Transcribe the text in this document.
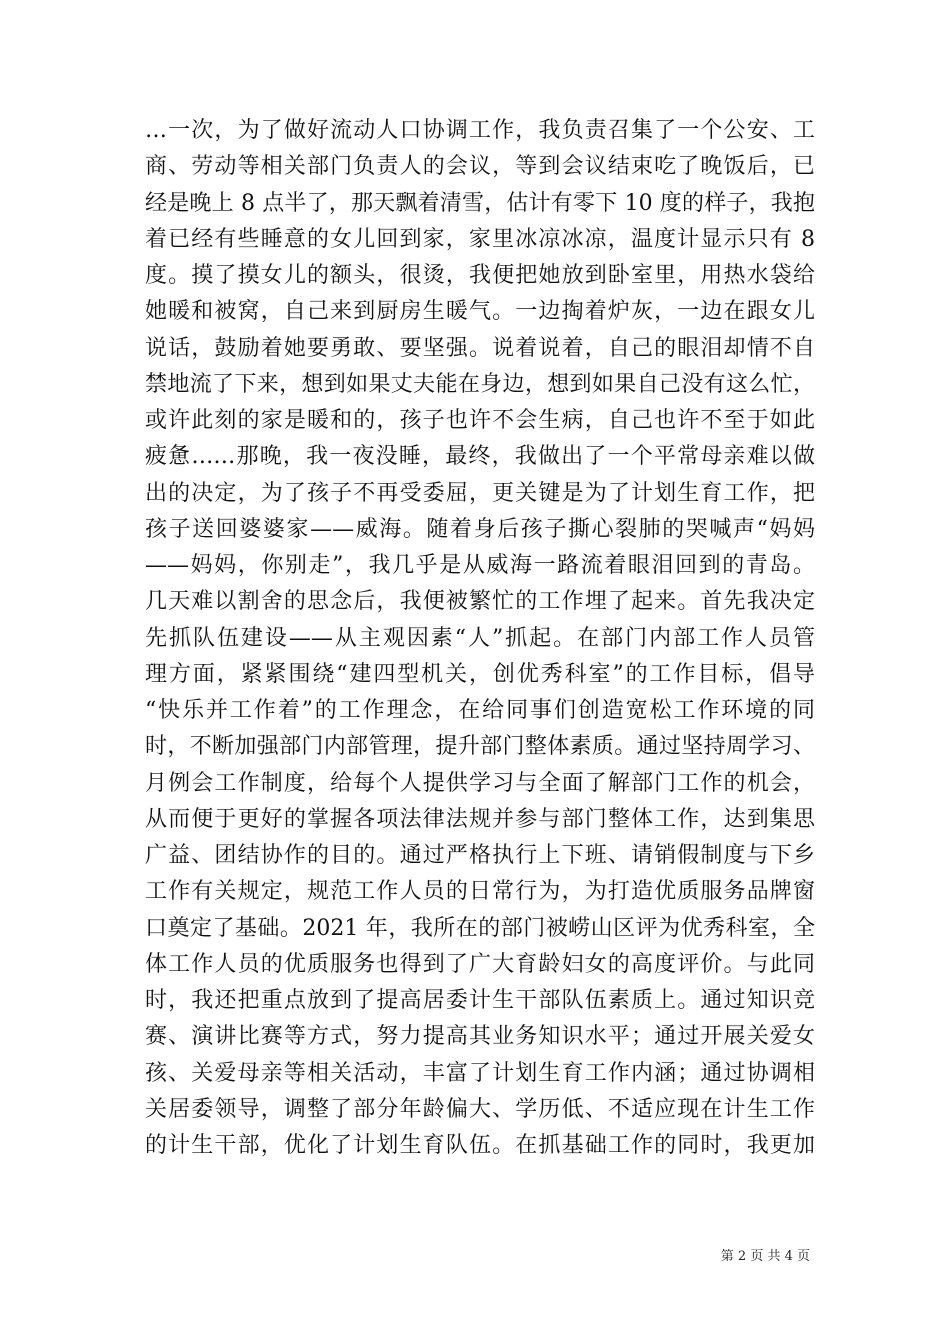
…一次，为了做好流动人口协调工作，我负责召集了一个公安、工
商、劳动等相关部门负责人的会议，等到会议结束吃了晚饭后，已
经是晚上 8 点半了，那天飘着清雪，估计有零下 10 度的样子，我抱
着已经有些睡意的女儿回到家，家里冰凉冰凉，温度计显示只有 8
度。摸了摸女儿的额头，很烫，我便把她放到卧室里，用热水袋给
她暖和被窝，自己来到厨房生暖气。一边掏着炉灰，一边在跟女儿
说话，鼓励着她要勇敢、要坚强。说着说着，自己的眼泪却情不自
禁地流了下来，想到如果丈夫能在身边，想到如果自己没有这么忙，
或许此刻的家是暖和的，孩子也许不会生病，自己也许不至于如此
疲惫……那晚，我一夜没睡，最终，我做出了一个平常母亲难以做
出的决定，为了孩子不再受委屈，更关键是为了计划生育工作，把
孩子送回婆婆家——威海。随着身后孩子撕心裂肺的哭喊声“妈妈
——妈妈，你别走”，我几乎是从威海一路流着眼泪回到的青岛。
几天难以割舍的思念后，我便被繁忙的工作埋了起来。首先我决定
先抓队伍建设——从主观因素“人”抓起。在部门内部工作人员管
理方面，紧紧围绕“建四型机关，创优秀科室”的工作目标，倡导
“快乐并工作着”的工作理念，在给同事们创造宽松工作环境的同
时，不断加强部门内部管理，提升部门整体素质。通过坚持周学习、
月例会工作制度，给每个人提供学习与全面了解部门工作的机会，
从而便于更好的掌握各项法律法规并参与部门整体工作，达到集思
广益、团结协作的目的。通过严格执行上下班、请销假制度与下乡
工作有关规定，规范工作人员的日常行为，为打造优质服务品牌窗
口奠定了基础。2021 年，我所在的部门被崂山区评为优秀科室，全
体工作人员的优质服务也得到了广大育龄妇女的高度评价。与此同
时，我还把重点放到了提高居委计生干部队伍素质上。通过知识竞
赛、演讲比赛等方式，努力提高其业务知识水平；通过开展关爱女
孩、关爱母亲等相关活动，丰富了计划生育工作内涵；通过协调相
关居委领导，调整了部分年龄偏大、学历低、不适应现在计生工作
的计生干部，优化了计划生育队伍。在抓基础工作的同时，我更加
第 2 页 共 4 页
